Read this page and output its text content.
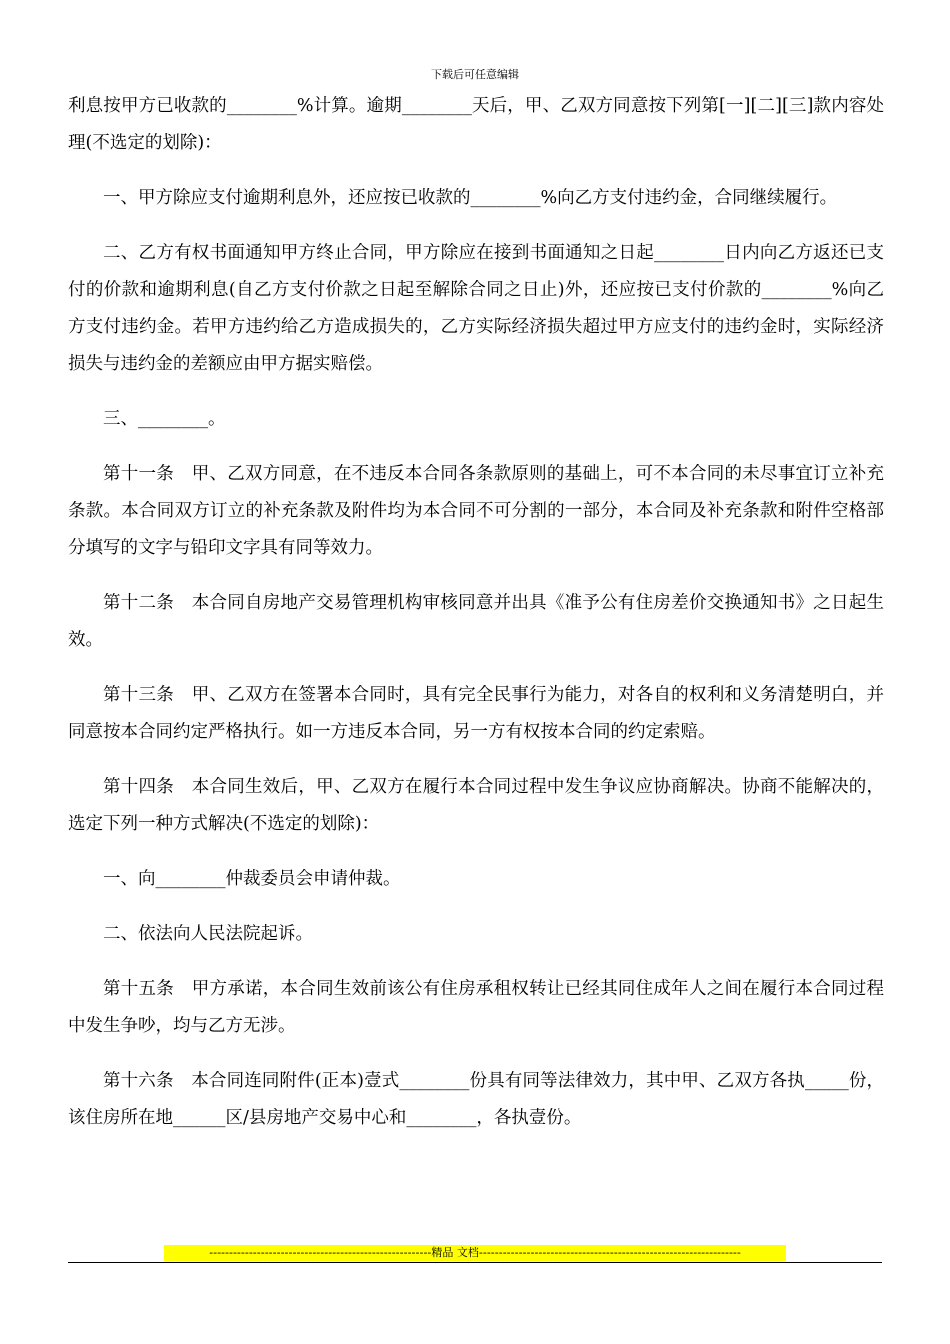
下载后可任意编辑

利息按甲方已收款的________%计算。逾期________天后，甲、乙双方同意按下列第[一][二][三]款内容处理(不选定的划除)：

一、甲方除应支付逾期利息外，还应按已收款的________%向乙方支付违约金，合同继续履行。

二、乙方有权书面通知甲方终止合同，甲方除应在接到书面通知之日起________日内向乙方返还已支付的价款和逾期利息(自乙方支付价款之日起至解除合同之日止)外，还应按已支付价款的________%向乙方支付违约金。若甲方违约给乙方造成损失的，乙方实际经济损失超过甲方应支付的违约金时，实际经济损失与违约金的差额应由甲方据实赔偿。

三、________。

第十一条　甲、乙双方同意，在不违反本合同各条款原则的基础上，可不本合同的未尽事宜订立补充条款。本合同双方订立的补充条款及附件均为本合同不可分割的一部分，本合同及补充条款和附件空格部分填写的文字与铅印文字具有同等效力。

第十二条　本合同自房地产交易管理机构审核同意并出具《准予公有住房差价交换通知书》之日起生效。

第十三条　甲、乙双方在签署本合同时，具有完全民事行为能力，对各自的权利和义务清楚明白，并同意按本合同约定严格执行。如一方违反本合同，另一方有权按本合同的约定索赔。

第十四条　本合同生效后，甲、乙双方在履行本合同过程中发生争议应协商解决。协商不能解决的，选定下列一种方式解决(不选定的划除)：

一、向________仲裁委员会申请仲裁。

二、依法向人民法院起诉。

第十五条　甲方承诺，本合同生效前该公有住房承租权转让已经其同住成年人之间在履行本合同过程中发生争吵，均与乙方无涉。

第十六条　本合同连同附件(正本)壹式________份具有同等法律效力，其中甲、乙双方各执_____份，该住房所在地______区/县房地产交易中心和________，各执壹份。

--------------------------------------------------------精品 文档------------------------------------------------------------------
